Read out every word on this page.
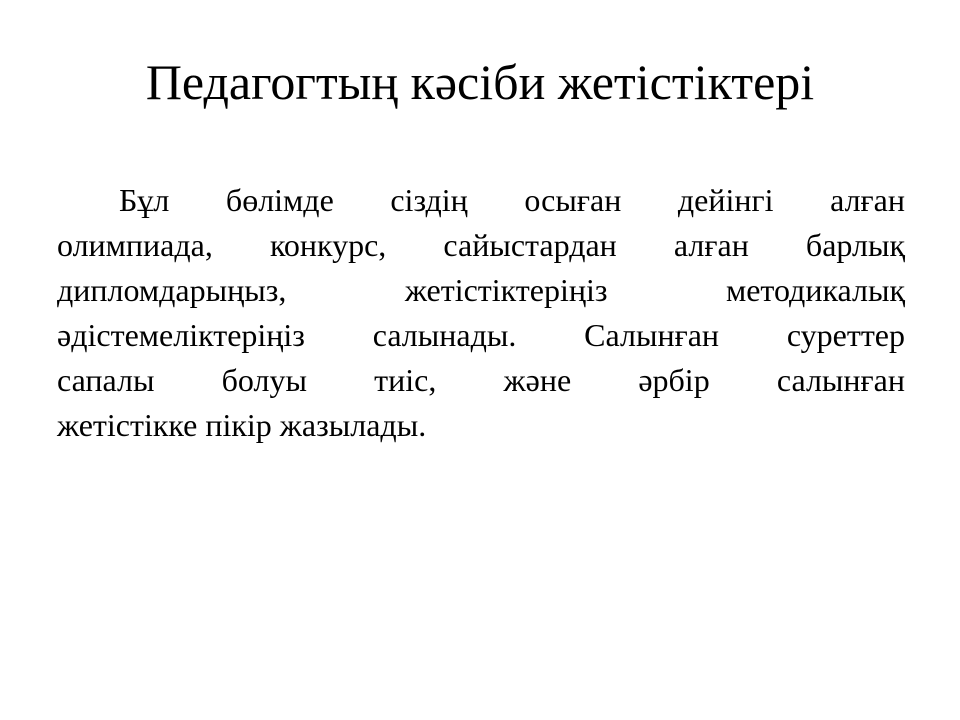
Педагогтың кәсіби жетістіктері
Бұл бөлімде сіздің осыған дейінгі алған
олимпиада, конкурс, сайыстардан алған барлық
дипломдарыңыз, жетістіктеріңіз методикалық
әдістемеліктеріңіз салынады. Салынған суреттер
сапалы болуы тиіс, және әрбір салынған
жетістікке пікір жазылады.
